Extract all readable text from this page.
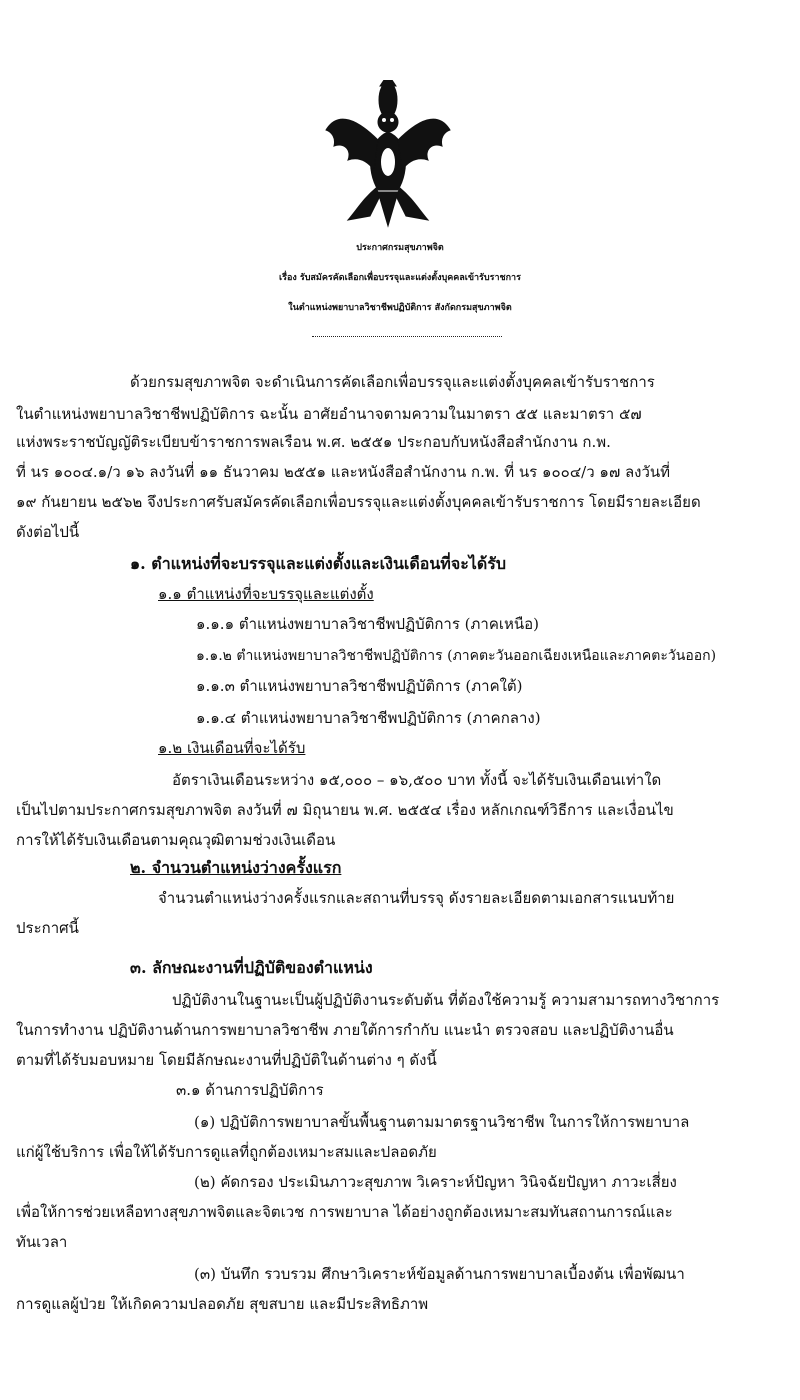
ประกาศกรมสุขภาพจิต
เรื่อง รับสมัครคัดเลือกเพื่อบรรจุและแต่งตั้งบุคคลเข้ารับราชการ
ในตำแหน่งพยาบาลวิชาชีพปฏิบัติการ สังกัดกรมสุขภาพจิต
ด้วยกรมสุขภาพจิต จะดำเนินการคัดเลือกเพื่อบรรจุและแต่งตั้งบุคคลเข้ารับราชการ
ในตำแหน่งพยาบาลวิชาชีพปฏิบัติการ ฉะนั้น อาศัยอำนาจตามความในมาตรา ๕๕ และมาตรา ๕๗
แห่งพระราชบัญญัติระเบียบข้าราชการพลเรือน พ.ศ. ๒๕๕๑ ประกอบกับหนังสือสำนักงาน ก.พ.
ที่ นร ๑๐๐๔.๑/ว ๑๖ ลงวันที่ ๑๑ ธันวาคม ๒๕๕๑ และหนังสือสำนักงาน ก.พ. ที่ นร ๑๐๐๔/ว ๑๗ ลงวันที่
๑๙ กันยายน ๒๕๖๒ จึงประกาศรับสมัครคัดเลือกเพื่อบรรจุและแต่งตั้งบุคคลเข้ารับราชการ โดยมีรายละเอียด
ดังต่อไปนี้
๑. ตำแหน่งที่จะบรรจุและแต่งตั้งและเงินเดือนที่จะได้รับ
๑.๑ ตำแหน่งที่จะบรรจุและแต่งตั้ง
๑.๑.๑ ตำแหน่งพยาบาลวิชาชีพปฏิบัติการ (ภาคเหนือ)
๑.๑.๒ ตำแหน่งพยาบาลวิชาชีพปฏิบัติการ (ภาคตะวันออกเฉียงเหนือและภาคตะวันออก)
๑.๑.๓ ตำแหน่งพยาบาลวิชาชีพปฏิบัติการ (ภาคใต้)
๑.๑.๔ ตำแหน่งพยาบาลวิชาชีพปฏิบัติการ (ภาคกลาง)
๑.๒ เงินเดือนที่จะได้รับ
อัตราเงินเดือนระหว่าง ๑๕,๐๐๐ – ๑๖,๕๐๐ บาท ทั้งนี้ จะได้รับเงินเดือนเท่าใด
เป็นไปตามประกาศกรมสุขภาพจิต ลงวันที่ ๗ มิถุนายน พ.ศ. ๒๕๕๔ เรื่อง หลักเกณฑ์วิธีการ และเงื่อนไข
การให้ได้รับเงินเดือนตามคุณวุฒิตามช่วงเงินเดือน
๒. จำนวนตำแหน่งว่างครั้งแรก
จำนวนตำแหน่งว่างครั้งแรกและสถานที่บรรจุ ดังรายละเอียดตามเอกสารแนบท้าย
ประกาศนี้
๓. ลักษณะงานที่ปฏิบัติของตำแหน่ง
ปฏิบัติงานในฐานะเป็นผู้ปฏิบัติงานระดับต้น ที่ต้องใช้ความรู้ ความสามารถทางวิชาการ
ในการทำงาน ปฏิบัติงานด้านการพยาบาลวิชาชีพ ภายใต้การกำกับ แนะนำ ตรวจสอบ และปฏิบัติงานอื่น
ตามที่ได้รับมอบหมาย โดยมีลักษณะงานที่ปฏิบัติในด้านต่าง ๆ ดังนี้
๓.๑ ด้านการปฏิบัติการ
(๑) ปฏิบัติการพยาบาลขั้นพื้นฐานตามมาตรฐานวิชาชีพ ในการให้การพยาบาล
แก่ผู้ใช้บริการ เพื่อให้ได้รับการดูแลที่ถูกต้องเหมาะสมและปลอดภัย
(๒) คัดกรอง ประเมินภาวะสุขภาพ วิเคราะห์ปัญหา วินิจฉัยปัญหา ภาวะเสี่ยง
เพื่อให้การช่วยเหลือทางสุขภาพจิตและจิตเวช การพยาบาล ได้อย่างถูกต้องเหมาะสมทันสถานการณ์และ
ทันเวลา
(๓) บันทึก รวบรวม ศึกษาวิเคราะห์ข้อมูลด้านการพยาบาลเบื้องต้น เพื่อพัฒนา
การดูแลผู้ป่วย ให้เกิดความปลอดภัย สุขสบาย และมีประสิทธิภาพ
